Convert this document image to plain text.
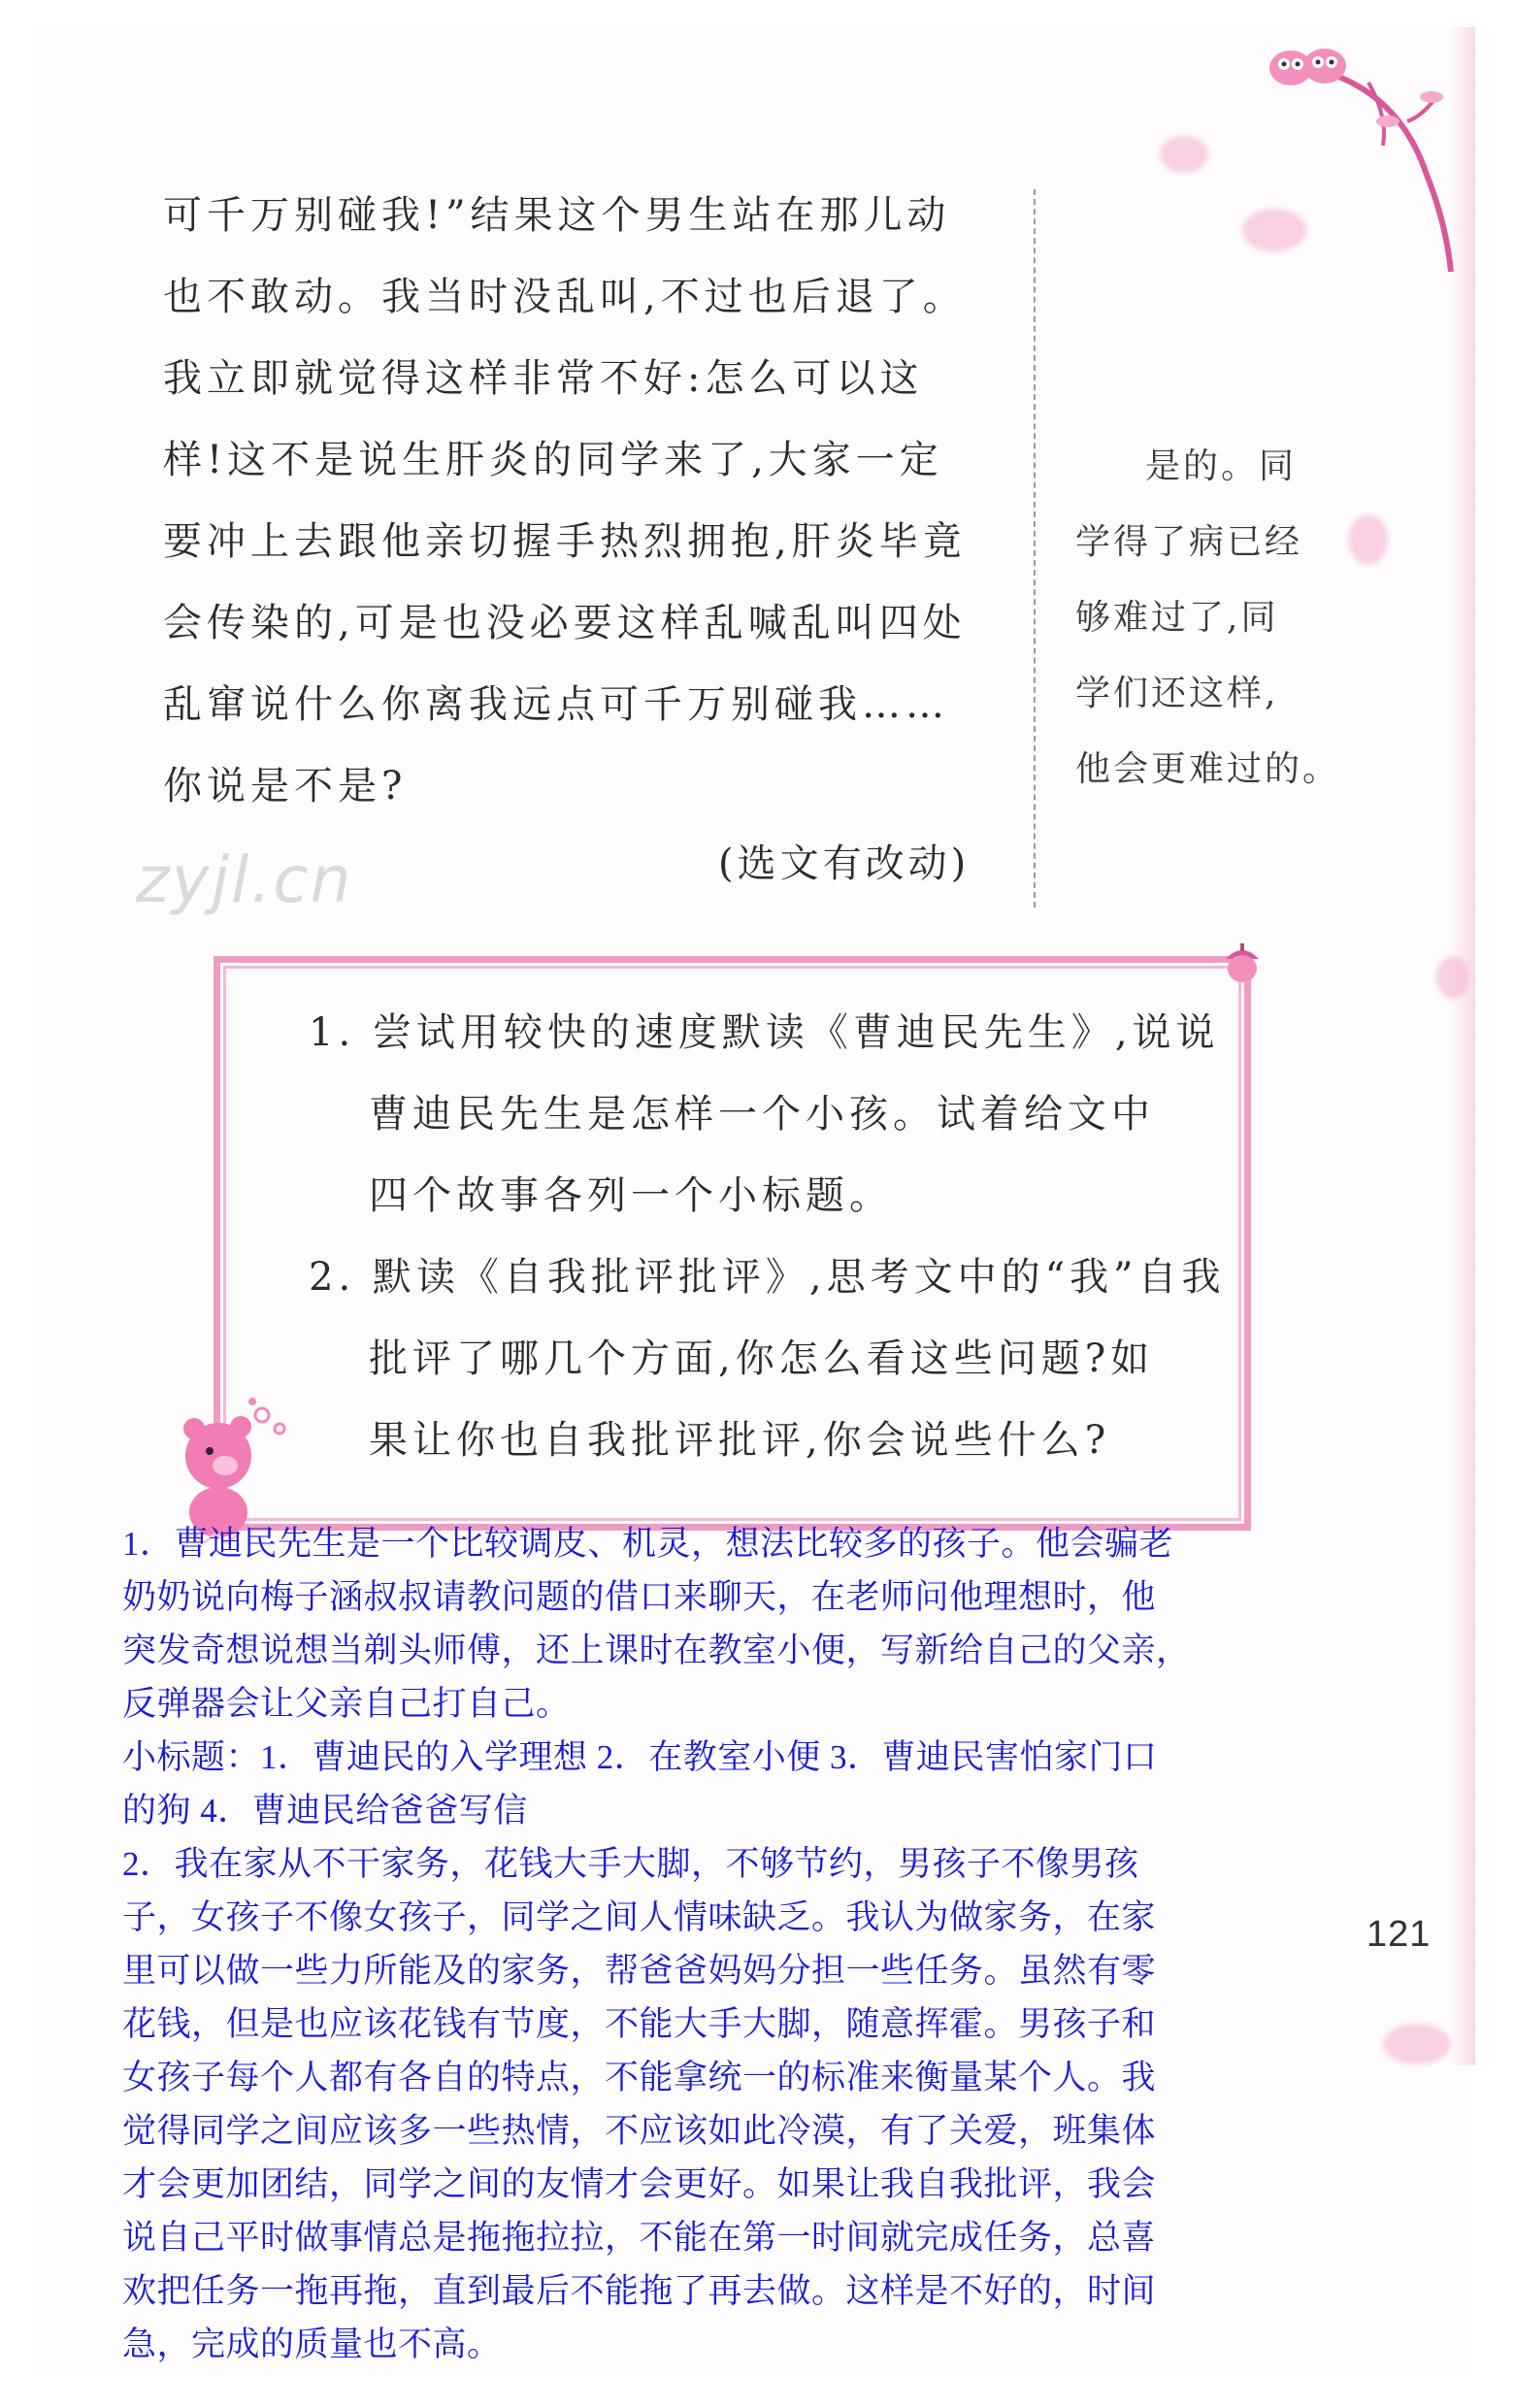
可千万别碰我!”结果这个男生站在那儿动
也不敢动。我当时没乱叫,不过也后退了。
我立即就觉得这样非常不好:怎么可以这
样!这不是说生肝炎的同学来了,大家一定
要冲上去跟他亲切握手热烈拥抱,肝炎毕竟
会传染的,可是也没必要这样乱喊乱叫四处
乱窜说什么你离我远点可千万别碰我……
你说是不是?
(选文有改动)
是的。同
学得了病已经
够难过了,同
学们还这样,
他会更难过的。
zyjl.cn
1. 尝试用较快的速度默读《曹迪民先生》,说说
曹迪民先生是怎样一个小孩。试着给文中
四个故事各列一个小标题。
2. 默读《自我批评批评》,思考文中的“我”自我
批评了哪几个方面,你怎么看这些问题?如
果让你也自我批评批评,你会说些什么?
1．曹迪民先生是一个比较调皮、机灵，想法比较多的孩子。他会骗老
奶奶说向梅子涵叔叔请教问题的借口来聊天，在老师问他理想时，他
突发奇想说想当剃头师傅，还上课时在教室小便，写新给自己的父亲，
反弹器会让父亲自己打自己。
小标题：1．曹迪民的入学理想 2．在教室小便 3．曹迪民害怕家门口
的狗 4．曹迪民给爸爸写信
2．我在家从不干家务，花钱大手大脚，不够节约，男孩子不像男孩
子，女孩子不像女孩子，同学之间人情味缺乏。我认为做家务，在家
里可以做一些力所能及的家务，帮爸爸妈妈分担一些任务。虽然有零
花钱，但是也应该花钱有节度，不能大手大脚，随意挥霍。男孩子和
女孩子每个人都有各自的特点，不能拿统一的标准来衡量某个人。我
觉得同学之间应该多一些热情，不应该如此冷漠，有了关爱，班集体
才会更加团结，同学之间的友情才会更好。如果让我自我批评，我会
说自己平时做事情总是拖拖拉拉，不能在第一时间就完成任务，总喜
欢把任务一拖再拖，直到最后不能拖了再去做。这样是不好的，时间
急，完成的质量也不高。
121
